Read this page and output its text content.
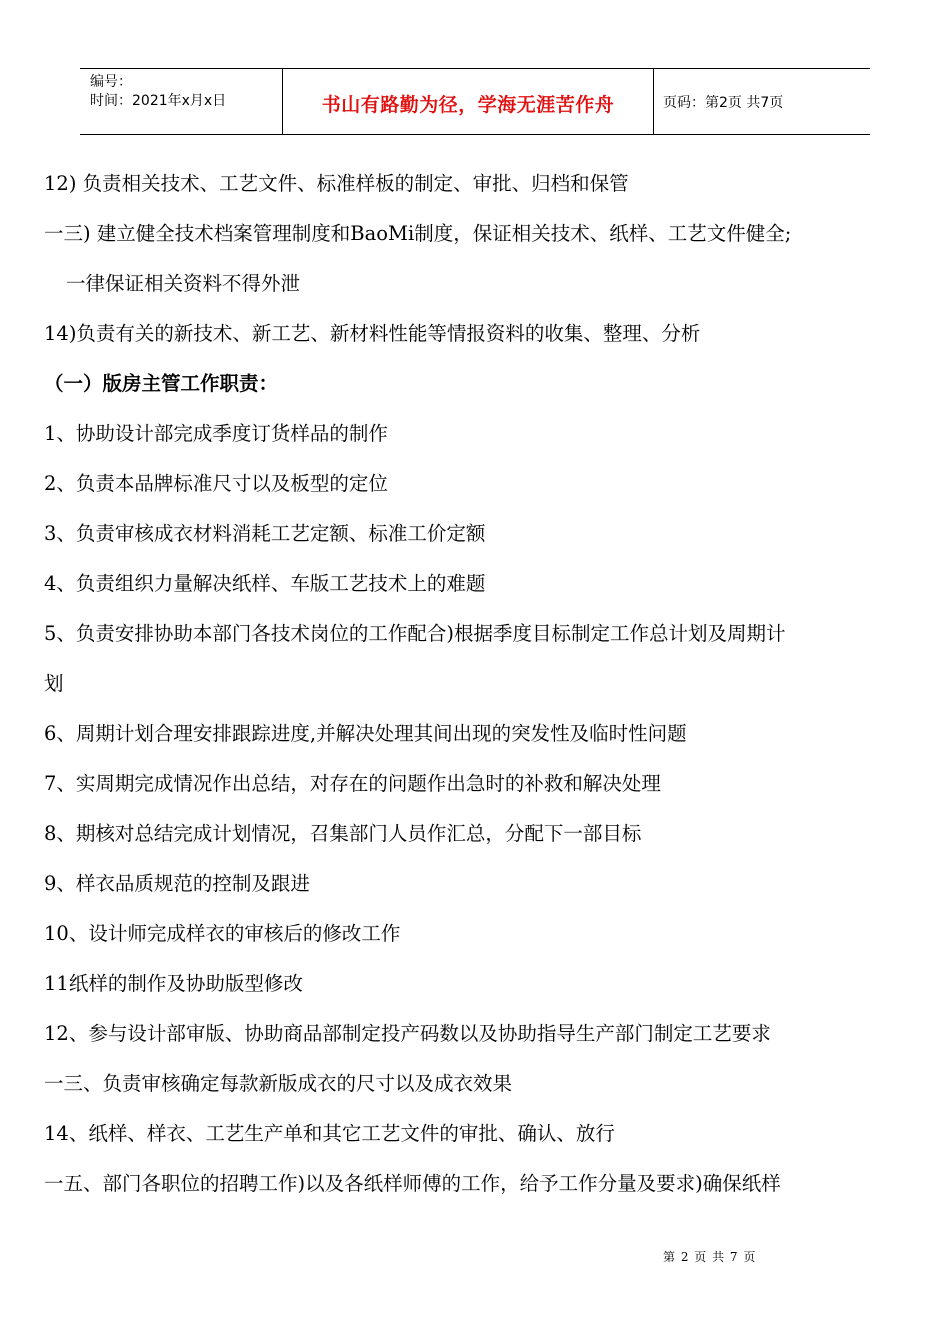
编号：
时间：2021年x月x日	书山有路勤为径，学海无涯苦作舟	页码：第2页 共7页
12) 负责相关技术、工艺文件、标准样板的制定、审批、归档和保管
一三) 建立健全技术档案管理制度和BaoMi制度，保证相关技术、纸样、工艺文件健全;
一律保证相关资料不得外泄
14)负责有关的新技术、新工艺、新材料性能等情报资料的收集、整理、分析
（一）版房主管工作职责：
1、协助设计部完成季度订货样品的制作
2、负责本品牌标准尺寸以及板型的定位
3、负责审核成衣材料消耗工艺定额、标准工价定额
4、负责组织力量解决纸样、车版工艺技术上的难题
5、负责安排协助本部门各技术岗位的工作配合)根据季度目标制定工作总计划及周期计
划
6、周期计划合理安排跟踪进度,并解决处理其间出现的突发性及临时性问题
7、实周期完成情况作出总结，对存在的问题作出急时的补救和解决处理
8、期核对总结完成计划情况，召集部门人员作汇总，分配下一部目标
9、样衣品质规范的控制及跟进
10、设计师完成样衣的审核后的修改工作
11纸样的制作及协助版型修改
12、参与设计部审版、协助商品部制定投产码数以及协助指导生产部门制定工艺要求
一三、负责审核确定每款新版成衣的尺寸以及成衣效果
14、纸样、样衣、工艺生产单和其它工艺文件的审批、确认、放行
一五、部门各职位的招聘工作)以及各纸样师傅的工作，给予工作分量及要求)确保纸样
第 2 页 共 7 页
